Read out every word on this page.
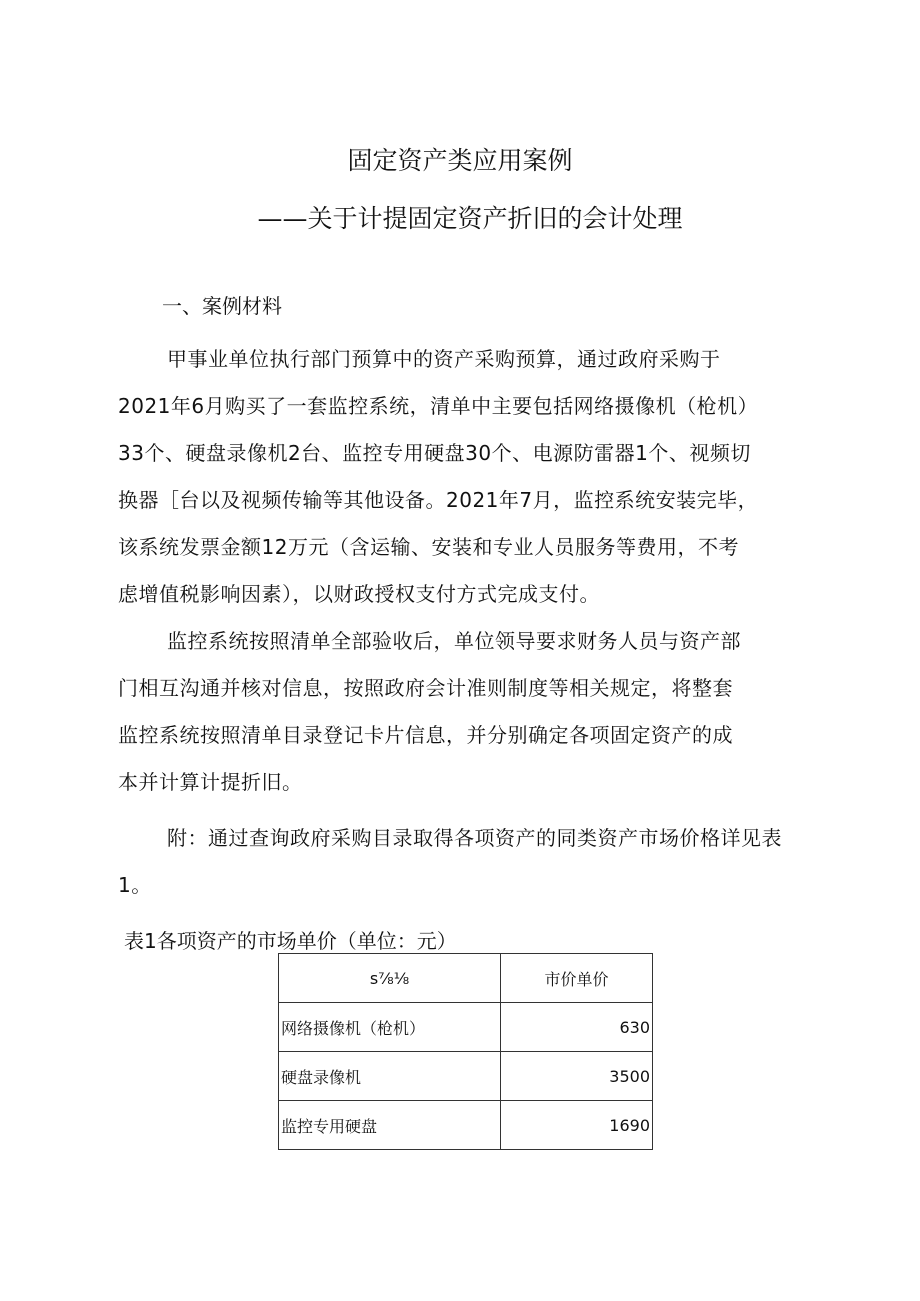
固定资产类应用案例
——关于计提固定资产折旧的会计处理
一、案例材料
甲事业单位执行部门预算中的资产采购预算，通过政府采购于
2021年6月购买了一套监控系统，清单中主要包括网络摄像机（枪机）
33个、硬盘录像机2台、监控专用硬盘30个、电源防雷器1个、视频切
换器［台以及视频传输等其他设备。2021年7月，监控系统安装完毕，
该系统发票金额12万元（含运输、安装和专业人员服务等费用，不考
虑增值税影响因素），以财政授权支付方式完成支付。
监控系统按照清单全部验收后，单位领导要求财务人员与资产部
门相互沟通并核对信息，按照政府会计准则制度等相关规定，将整套
监控系统按照清单目录登记卡片信息，并分别确定各项固定资产的成
本并计算计提折旧。
附：通过查询政府采购目录取得各项资产的同类资产市场价格详见表
1。
表1各项资产的市场单价（单位：元）
s⅞⅛	市价单价
网络摄像机（枪机）	630
硬盘录像机	3500
监控专用硬盘	1690
